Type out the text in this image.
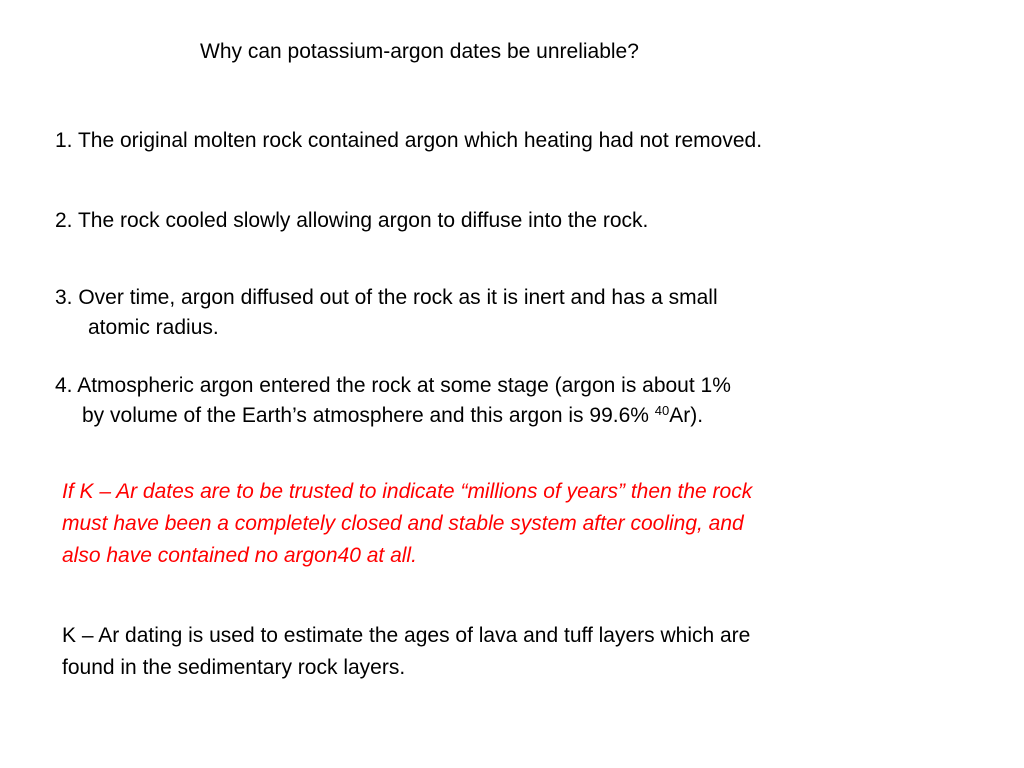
Why can potassium-argon dates be unreliable?
1. The original molten rock contained argon which heating had not removed.
2. The rock cooled slowly allowing argon to diffuse into the rock.
3. Over time, argon diffused out of the rock as it is inert and has a small
atomic radius.
4. Atmospheric argon entered the rock at some stage (argon is about 1%
by volume of the Earth’s atmosphere and this argon is 99.6% $^{40}$Ar).
If K – Ar dates are to be trusted to indicate “millions of years” then the rock
must have been a completely closed and stable system after cooling, and
also have contained no argon40 at all.
K – Ar dating is used to estimate the ages of lava and tuff layers which are
found in the sedimentary rock layers.
